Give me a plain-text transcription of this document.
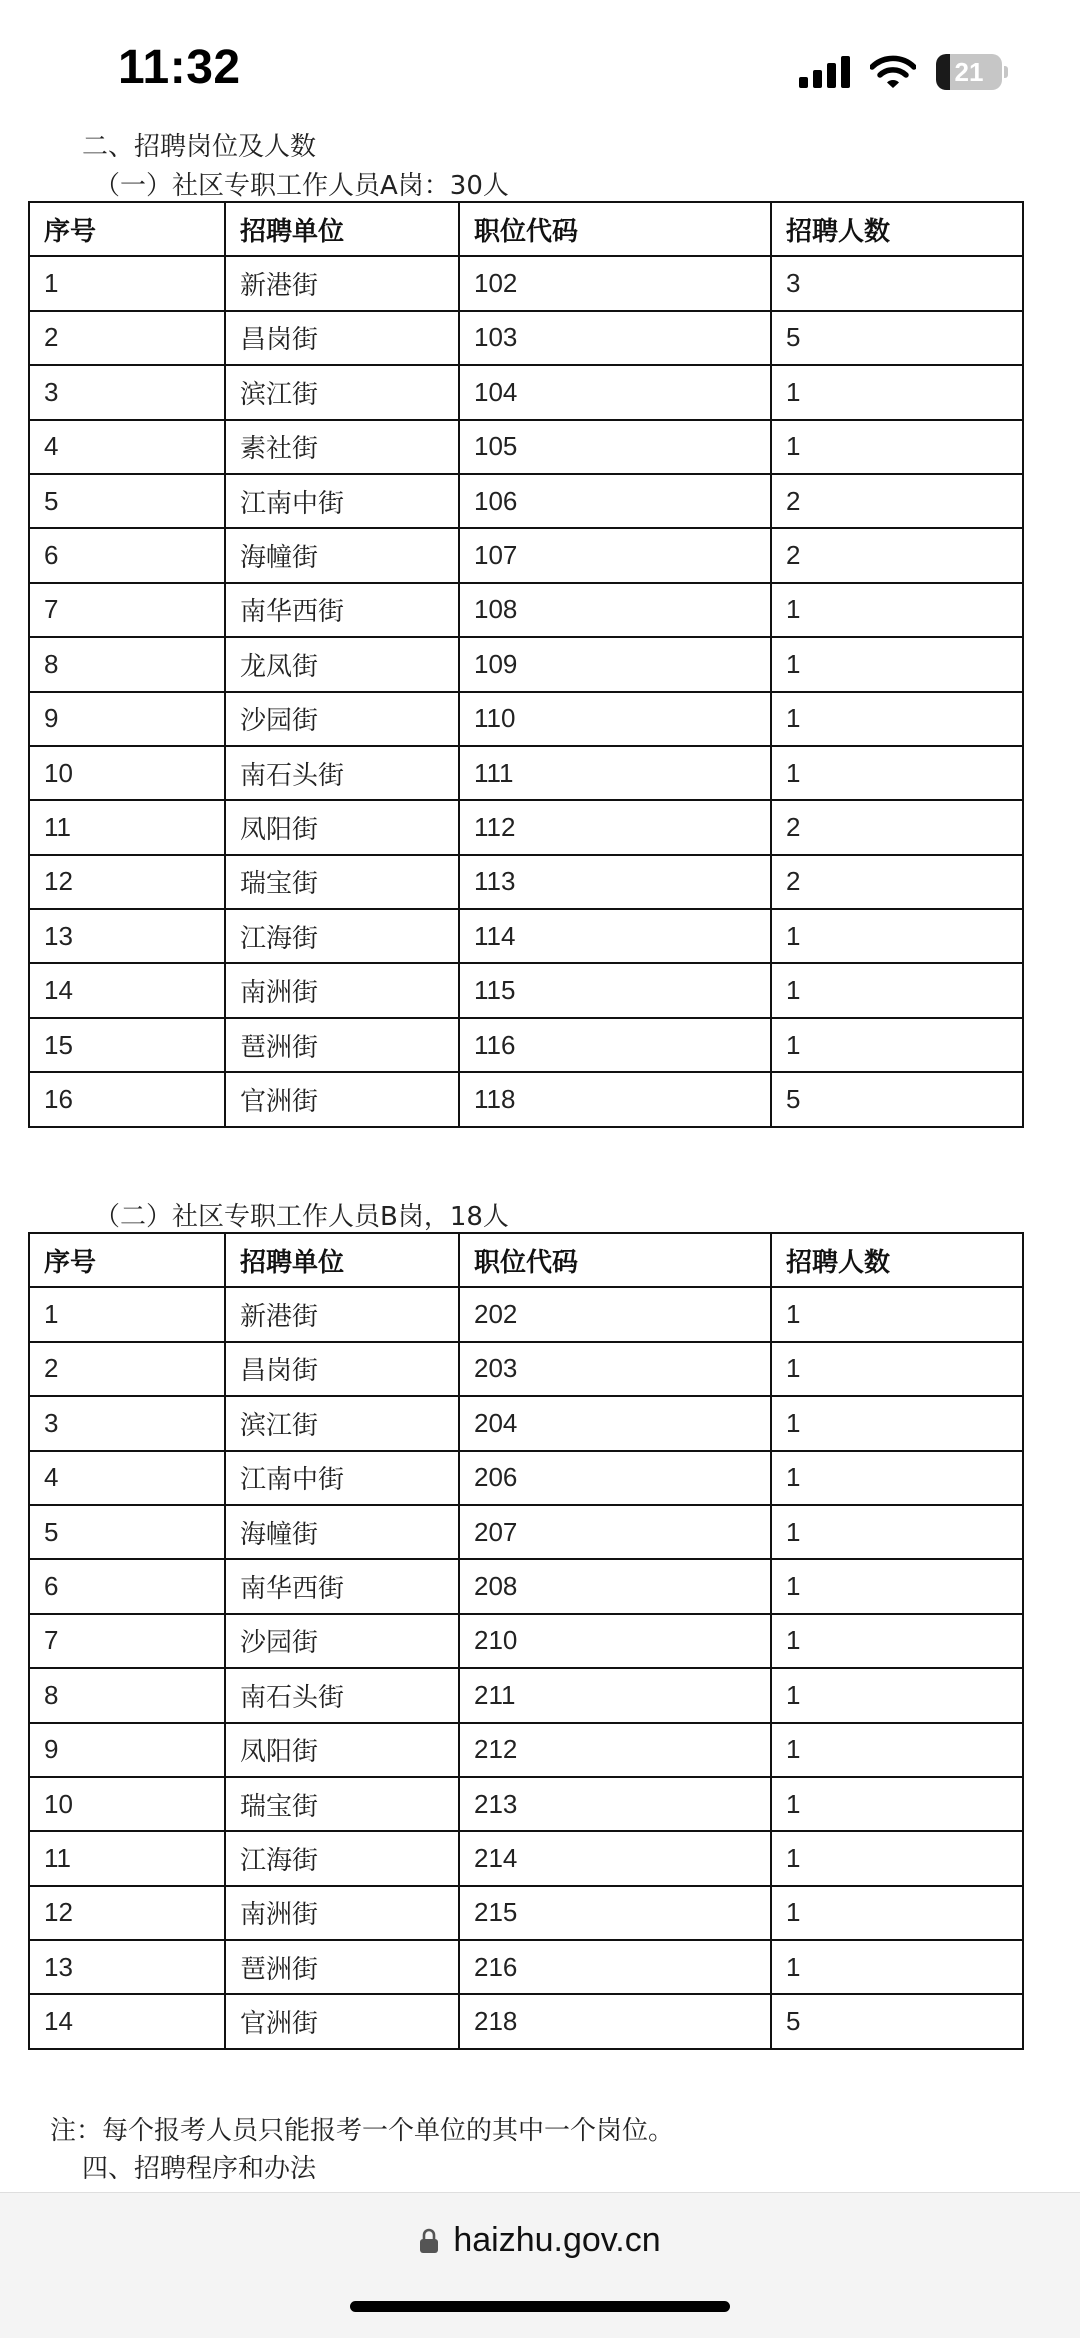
11:32	21
二、招聘岗位及人数
（一）社区专职工作人员A岗：30人
序号	招聘单位	职位代码	招聘人数
1	新港街	102	3
2	昌岗街	103	5
3	滨江街	104	1
4	素社街	105	1
5	江南中街	106	2
6	海幢街	107	2
7	南华西街	108	1
8	龙凤街	109	1
9	沙园街	110	1
10	南石头街	111	1
11	凤阳街	112	2
12	瑞宝街	113	2
13	江海街	114	1
14	南洲街	115	1
15	琶洲街	116	1
16	官洲街	118	5
（二）社区专职工作人员B岗，18人
序号	招聘单位	职位代码	招聘人数
1	新港街	202	1
2	昌岗街	203	1
3	滨江街	204	1
4	江南中街	206	1
5	海幢街	207	1
6	南华西街	208	1
7	沙园街	210	1
8	南石头街	211	1
9	凤阳街	212	1
10	瑞宝街	213	1
11	江海街	214	1
12	南洲街	215	1
13	琶洲街	216	1
14	官洲街	218	5
注：每个报考人员只能报考一个单位的其中一个岗位。
四、招聘程序和办法
haizhu.gov.cn
